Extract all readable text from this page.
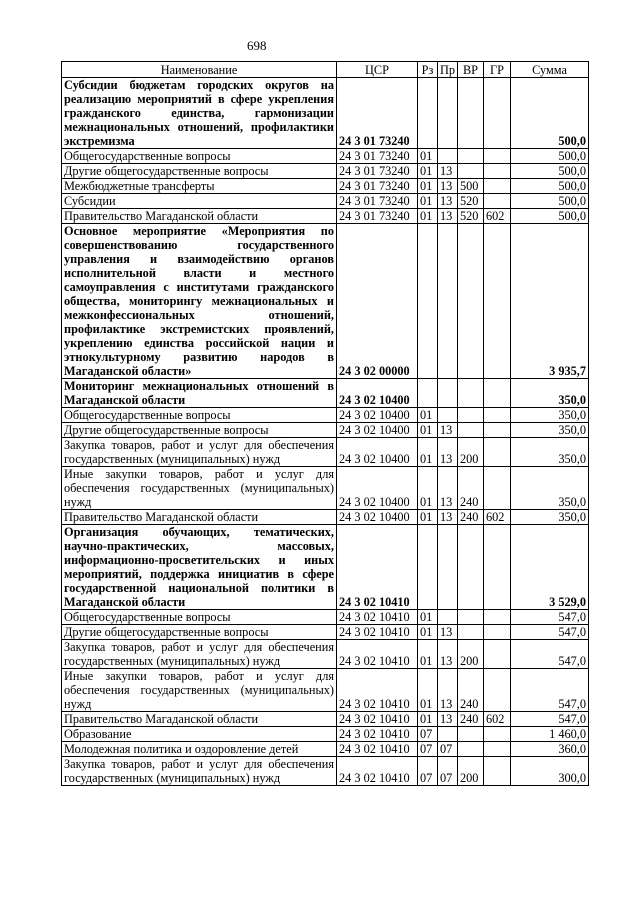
698
Наименование	ЦСР	Рз	Пр	ВР	ГР	Сумма
Субсидии бюджетам городских округов на реализацию мероприятий в сфере укрепления гражданского единства, гармонизации межнациональных отношений, профилактики экстремизма	24 3 01 73240					500,0
Общегосударственные вопросы	24 3 01 73240	01				500,0
Другие общегосударственные вопросы	24 3 01 73240	01	13			500,0
Межбюджетные трансферты	24 3 01 73240	01	13	500		500,0
Субсидии	24 3 01 73240	01	13	520		500,0
Правительство Магаданской области	24 3 01 73240	01	13	520	602	500,0
Основное мероприятие «Мероприятия по совершенствованию государственного управления и взаимодействию органов исполнительной власти и местного самоуправления с институтами гражданского общества, мониторингу межнациональных и межконфессиональных отношений, профилактике экстремистских проявлений, укреплению единства российской нации и этнокультурному развитию народов в Магаданской области»	24 3 02 00000					3 935,7
Мониторинг межнациональных отношений в Магаданской области	24 3 02 10400					350,0
Общегосударственные вопросы	24 3 02 10400	01				350,0
Другие общегосударственные вопросы	24 3 02 10400	01	13			350,0
Закупка товаров, работ и услуг для обеспечения государственных (муниципальных) нужд	24 3 02 10400	01	13	200		350,0
Иные закупки товаров, работ и услуг для обеспечения государственных (муниципальных) нужд	24 3 02 10400	01	13	240		350,0
Правительство Магаданской области	24 3 02 10400	01	13	240	602	350,0
Организация обучающих, тематических, научно-практических, массовых, информационно-просветительских и иных мероприятий, поддержка инициатив в сфере государственной национальной политики в Магаданской области	24 3 02 10410					3 529,0
Общегосударственные вопросы	24 3 02 10410	01				547,0
Другие общегосударственные вопросы	24 3 02 10410	01	13			547,0
Закупка товаров, работ и услуг для обеспечения государственных (муниципальных) нужд	24 3 02 10410	01	13	200		547,0
Иные закупки товаров, работ и услуг для обеспечения государственных (муниципальных) нужд	24 3 02 10410	01	13	240		547,0
Правительство Магаданской области	24 3 02 10410	01	13	240	602	547,0
Образование	24 3 02 10410	07				1 460,0
Молодежная политика и оздоровление детей	24 3 02 10410	07	07			360,0
Закупка товаров, работ и услуг для обеспечения государственных (муниципальных) нужд	24 3 02 10410	07	07	200		300,0
